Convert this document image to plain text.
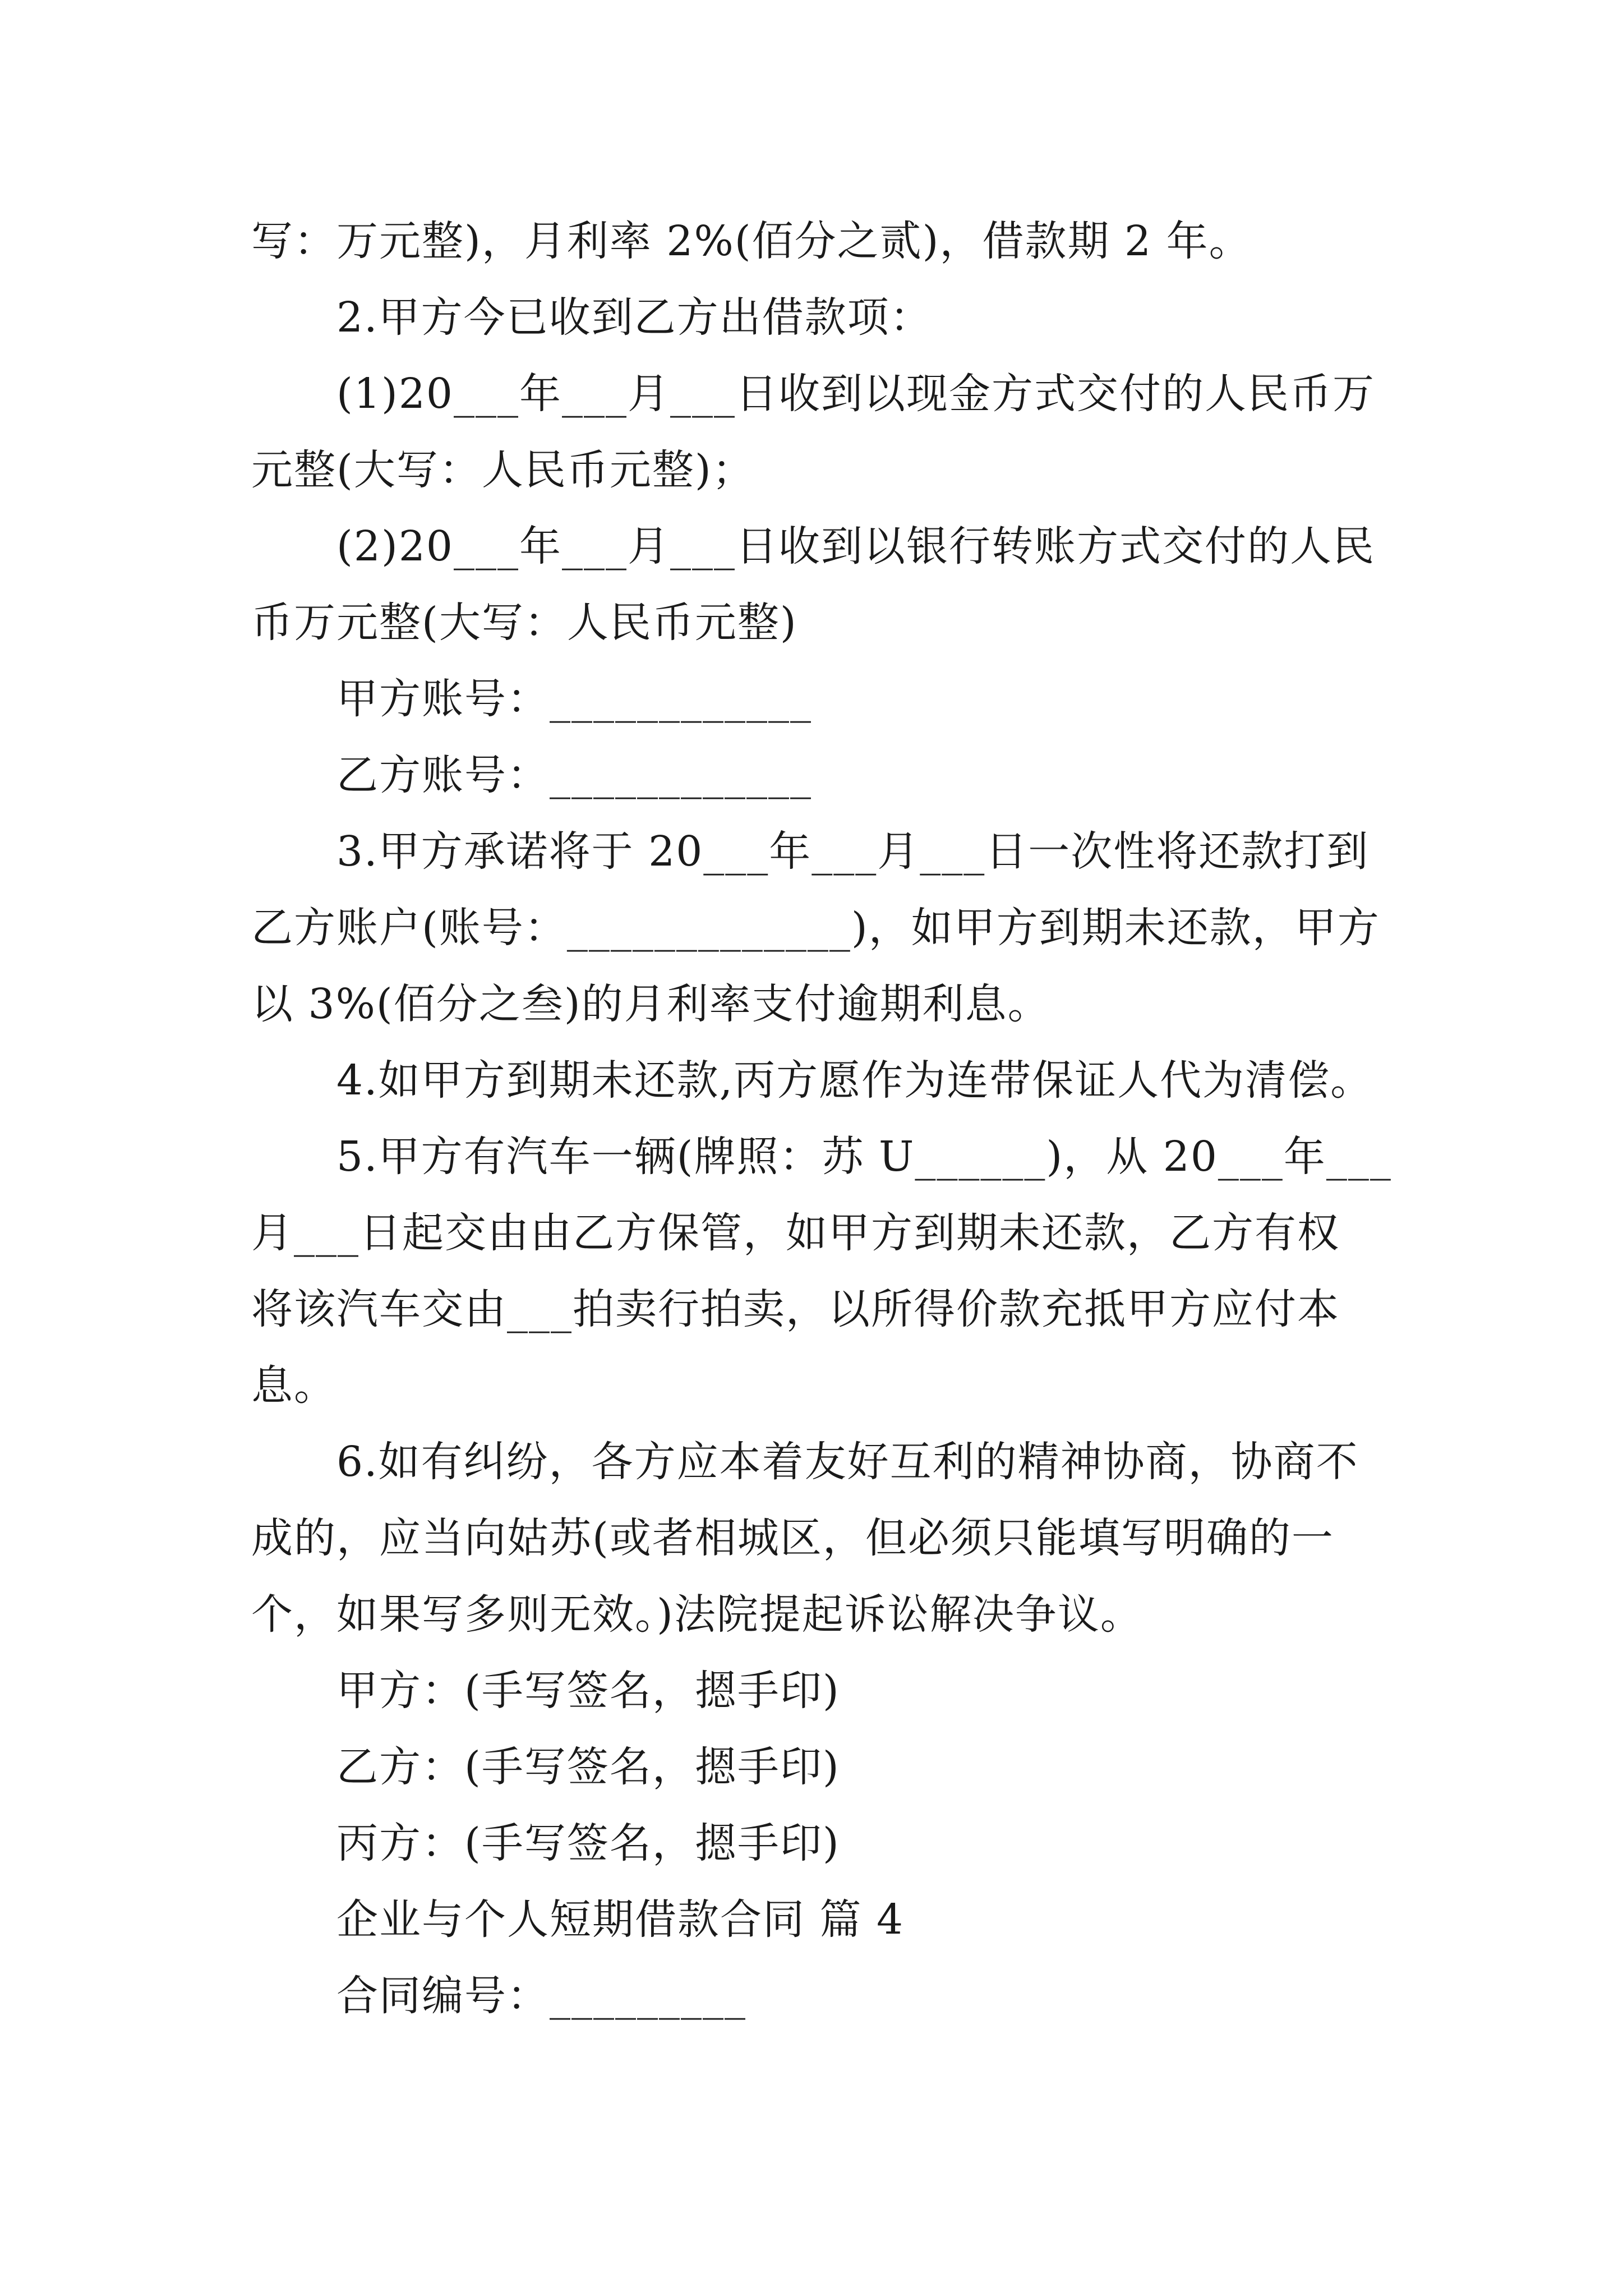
写：万元整)，月利率 2%(佰分之贰)，借款期 2 年。
2.甲方今已收到乙方出借款项：
(1)20___年___月___日收到以现金方式交付的人民币万
元整(大写：人民币元整)；
(2)20___年___月___日收到以银行转账方式交付的人民
币万元整(大写：人民币元整)
甲方账号：____________
乙方账号：____________
3.甲方承诺将于 20___年___月___日一次性将还款打到
乙方账户(账号：_____________)，如甲方到期未还款，甲方
以 3%(佰分之叁)的月利率支付逾期利息。
4.如甲方到期未还款,丙方愿作为连带保证人代为清偿。
5.甲方有汽车一辆(牌照：苏 U______)，从 20___年___
月___日起交由由乙方保管，如甲方到期未还款，乙方有权
将该汽车交由___拍卖行拍卖，以所得价款充抵甲方应付本
息。
6.如有纠纷，各方应本着友好互利的精神协商，协商不
成的，应当向姑苏(或者相城区，但必须只能填写明确的一
个，如果写多则无效。)法院提起诉讼解决争议。
甲方：(手写签名，摁手印)
乙方：(手写签名，摁手印)
丙方：(手写签名，摁手印)
企业与个人短期借款合同 篇 4
合同编号：_________
